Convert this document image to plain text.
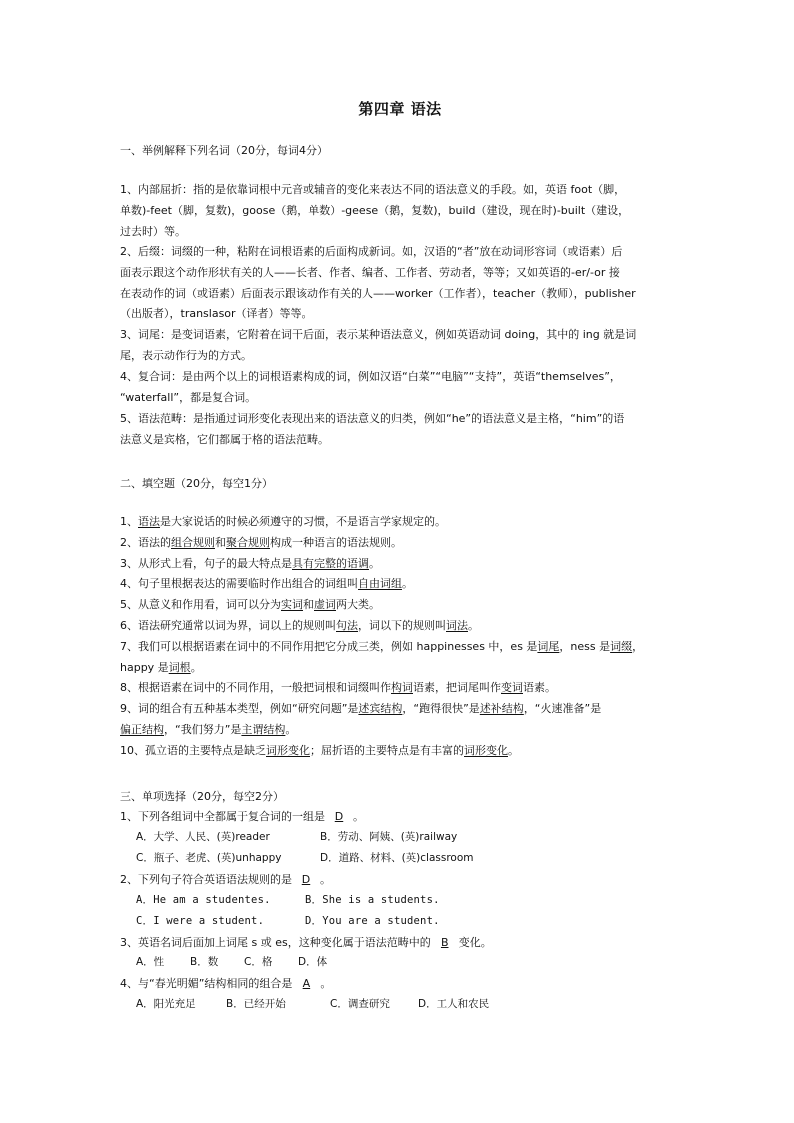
第四章 语法
一、举例解释下列名词（20分，每词4分）
1、内部屈折：指的是依靠词根中元音或辅音的变化来表达不同的语法意义的手段。如，英语 foot（脚，
单数)-feet（脚，复数)，goose（鹅，单数）-geese（鹅，复数)，build（建设，现在时)-built（建设，
过去时）等。
2、后缀：词缀的一种，粘附在词根语素的后面构成新词。如，汉语的“者”放在动词形容词（或语素）后
面表示跟这个动作形状有关的人——长者、作者、编者、工作者、劳动者，等等；又如英语的-er/-or 接
在表动作的词（或语素）后面表示跟该动作有关的人——worker（工作者），teacher（教师），publisher
（出版者），translasor（译者）等等。
3、词尾：是变词语素，它附着在词干后面，表示某种语法意义，例如英语动词 doing，其中的 ing 就是词
尾，表示动作行为的方式。
4、复合词：是由两个以上的词根语素构成的词，例如汉语“白菜”“电脑”“支持”，英语“themselves”，
“waterfall”，都是复合词。
5、语法范畴：是指通过词形变化表现出来的语法意义的归类，例如“he”的语法意义是主格，“him”的语
法意义是宾格，它们都属于格的语法范畴。
二、填空题（20分，每空1分）
1、语法是大家说话的时候必须遵守的习惯，不是语言学家规定的。
2、语法的组合规则和聚合规则构成一种语言的语法规则。
3、从形式上看，句子的最大特点是具有完整的语调。
4、句子里根据表达的需要临时作出组合的词组叫自由词组。
5、从意义和作用看，词可以分为实词和虚词两大类。
6、语法研究通常以词为界，词以上的规则叫句法，词以下的规则叫词法。
7、我们可以根据语素在词中的不同作用把它分成三类，例如 happinesses 中，es 是词尾，ness 是词缀，
happy 是词根。
8、根据语素在词中的不同作用，一般把词根和词缀叫作构词语素，把词尾叫作变词语素。
9、词的组合有五种基本类型，例如“研究问题”是述宾结构，“跑得很快”是述补结构，“火速准备”是
偏正结构，“我们努力”是主谓结构。
10、孤立语的主要特点是缺乏词形变化；屈折语的主要特点是有丰富的词形变化。
三、单项选择（20分，每空2分）
1、下列各组词中全都属于复合词的一组是 D 。
A．大学、人民、(英)reader	B．劳动、阿姨、(英)railway
C．瓶子、老虎、(英)unhappy	D．道路、材料、(英)classroom
2、下列句子符合英语语法规则的是 D 。
A．He am a studentes.	B．She is a students.
C．I were a student.	D．You are a student.
3、英语名词后面加上词尾 s 或 es，这种变化属于语法范畴中的 B 变化。
A．性 B．数 C．格 D．体
4、与“春光明媚”结构相同的组合是 A 。
A．阳光充足	B．已经开始	C．调查研究	D．工人和农民
